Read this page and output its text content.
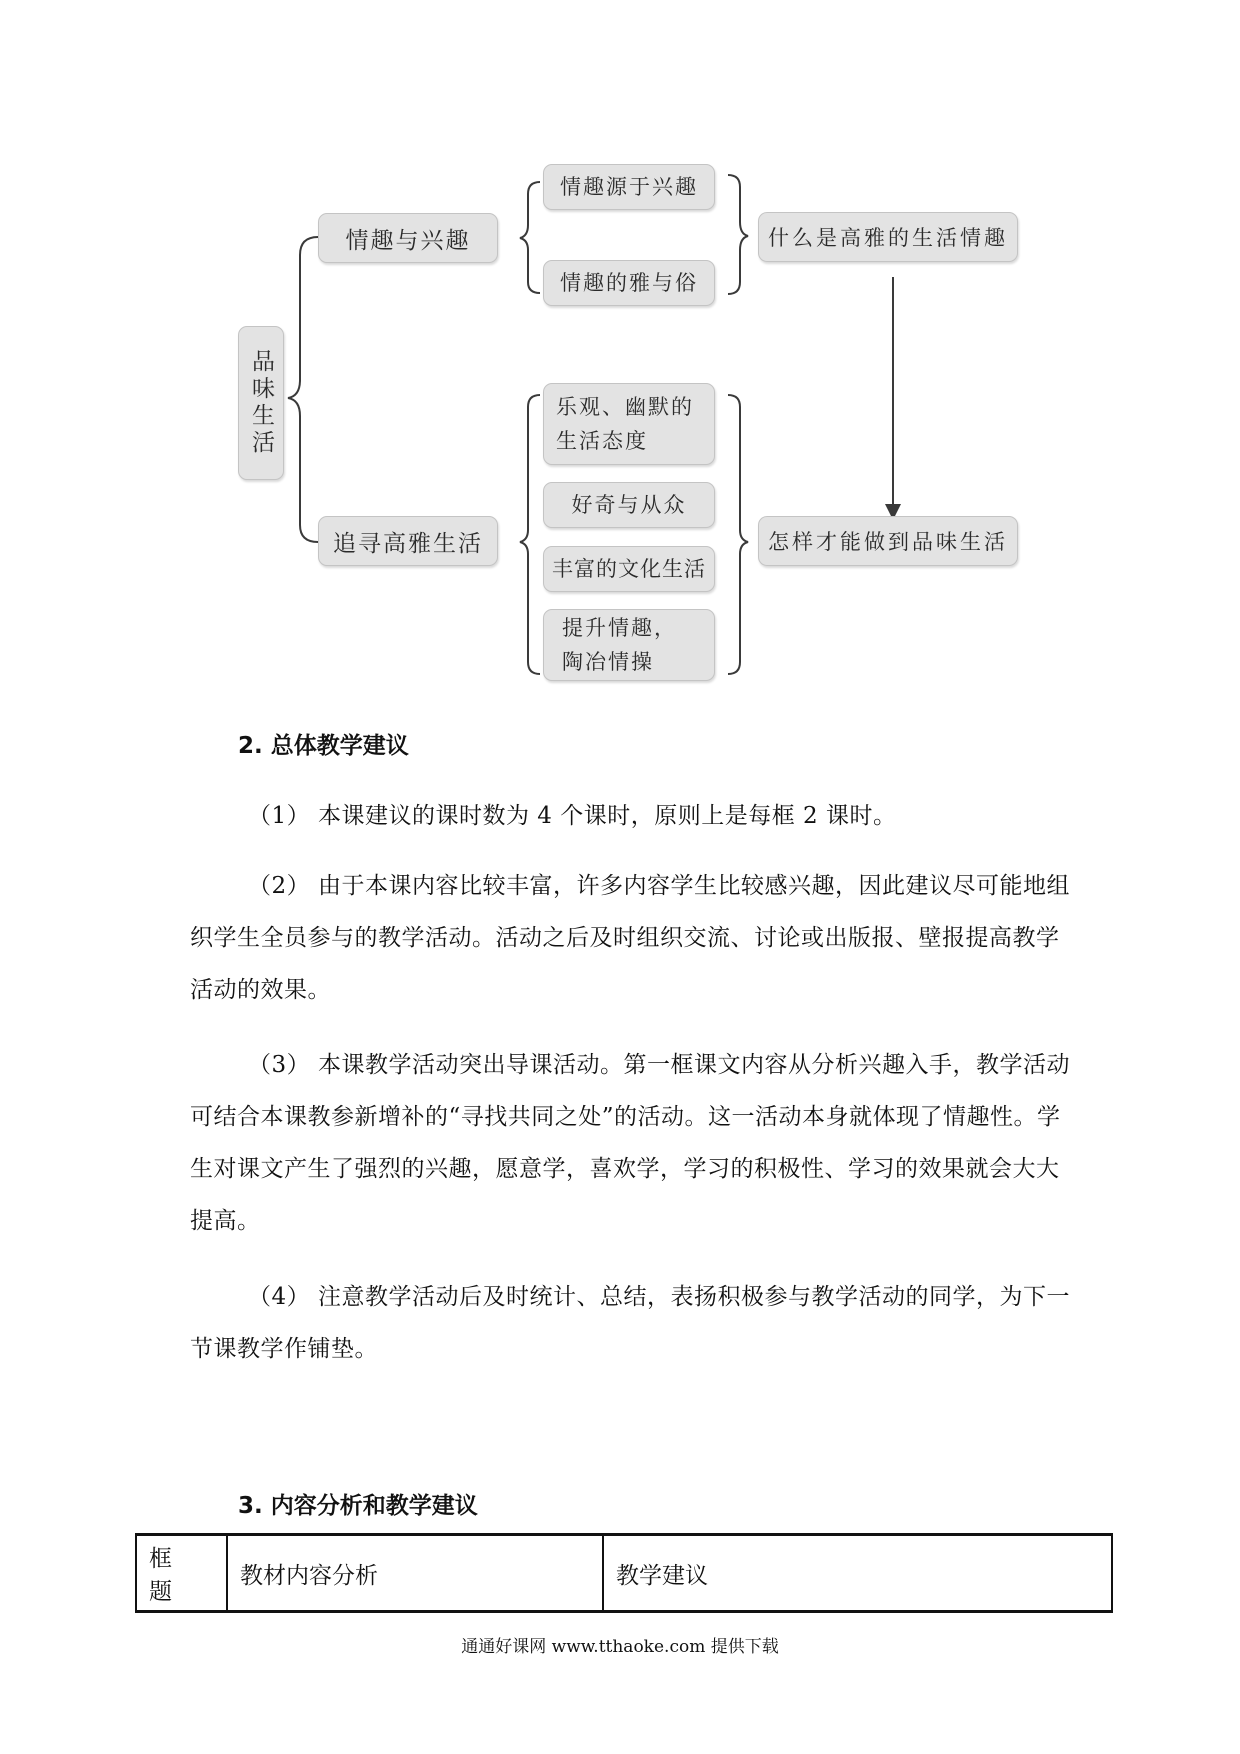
品味生活
情趣与兴趣
追寻高雅生活
情趣源于兴趣
情趣的雅与俗
乐观、幽默的生活态度
好奇与从众
丰富的文化生活
提升情趣，陶冶情操
什么是高雅的生活情趣
怎样才能做到品味生活
2. 总体教学建议
（1） 本课建议的课时数为 4 个课时，原则上是每框 2 课时。
（2） 由于本课内容比较丰富，许多内容学生比较感兴趣，因此建议尽可能地组织学生全员参与的教学活动。活动之后及时组织交流、讨论或出版报、壁报提高教学活动的效果。
（3） 本课教学活动突出导课活动。第一框课文内容从分析兴趣入手，教学活动可结合本课教参新增补的“寻找共同之处”的活动。这一活动本身就体现了情趣性。学生对课文产生了强烈的兴趣，愿意学，喜欢学，学习的积极性、学习的效果就会大大提高。
（4） 注意教学活动后及时统计、总结，表扬积极参与教学活动的同学，为下一节课教学作铺垫。
3. 内容分析和教学建议
框 题	教材内容分析	教学建议
通通好课网 www.tthaoke.com 提供下载
